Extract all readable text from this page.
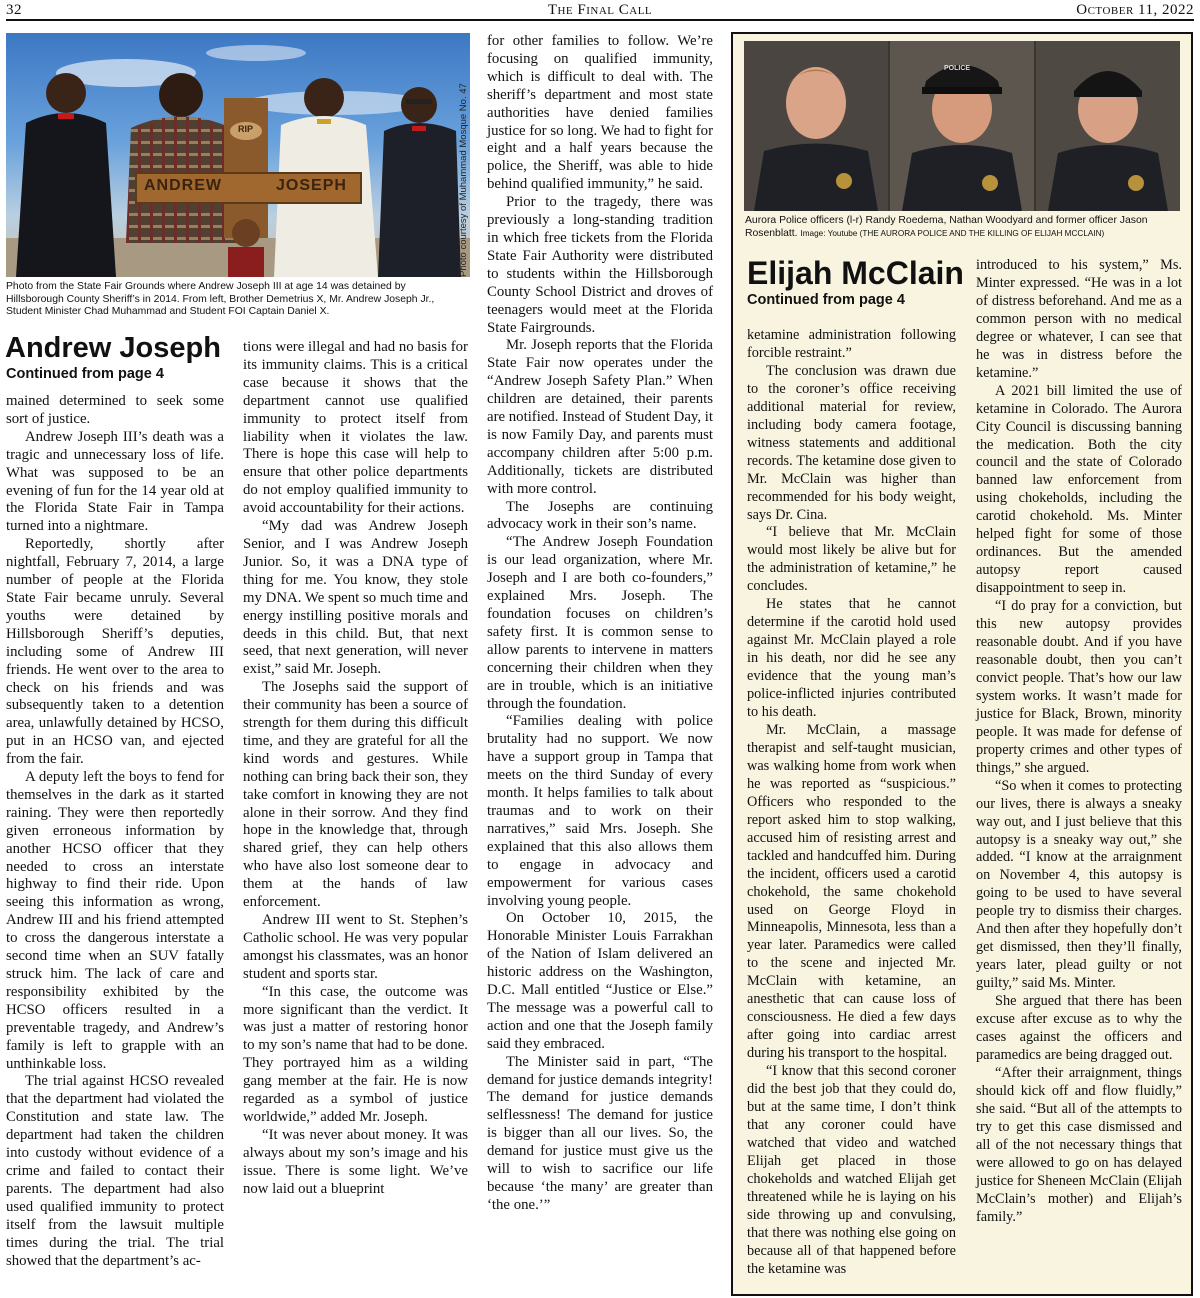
32	The Final Call	October 11, 2022
ANDREW	JOSEPH	Photo courtesy of Muhammad Mosque No. 47
Photo from the State Fair Grounds where Andrew Joseph III at age 14 was detained by Hillsborough County Sheriff’s in 2014. From left, Brother Demetrius X, Mr. Andrew Joseph Jr., Student Minister Chad Muhammad and Student FOI Captain Daniel X.
Andrew Joseph
Continued from page 4

mained determined to seek some sort of justice.

Andrew Joseph III’s death was a tragic and unnecessary loss of life. What was supposed to be an evening of fun for the 14 year old at the Florida State Fair in Tampa turned into a nightmare.

Reportedly, shortly after nightfall, February 7, 2014, a large number of people at the Florida State Fair became unruly. Several youths were detained by Hillsborough Sheriff’s deputies, including some of Andrew III friends. He went over to the area to check on his friends and was subsequently taken to a detention area, unlawfully detained by HCSO, put in an HCSO van, and ejected from the fair.

A deputy left the boys to fend for themselves in the dark as it started raining. They were then reportedly given erroneous information by another HCSO officer that they needed to cross an interstate highway to find their ride. Upon seeing this information as wrong, Andrew III and his friend attempted to cross the dangerous interstate a second time when an SUV fatally struck him. The lack of care and responsibility exhibited by the HCSO officers resulted in a preventable tragedy, and Andrew’s family is left to grapple with an unthinkable loss.

The trial against HCSO revealed that the department had violated the Constitution and state law. The department had taken the children into custody without evidence of a crime and failed to contact their parents. The department had also used qualified immunity to protect itself from the lawsuit multiple times during the trial. The trial showed that the department’s ac-

tions were illegal and had no basis for its immunity claims. This is a critical case because it shows that the department cannot use qualified immunity to protect itself from liability when it violates the law. There is hope this case will help to ensure that other police departments do not employ qualified immunity to avoid accountability for their actions.

“My dad was Andrew Joseph Senior, and I was Andrew Joseph Junior. So, it was a DNA type of thing for me. You know, they stole my DNA. We spent so much time and energy instilling positive morals and deeds in this child. But, that next seed, that next generation, will never exist,” said Mr. Joseph.

The Josephs said the support of their community has been a source of strength for them during this difficult time, and they are grateful for all the kind words and gestures. While nothing can bring back their son, they take comfort in knowing they are not alone in their sorrow. And they find hope in the knowledge that, through shared grief, they can help others who have also lost someone dear to them at the hands of law enforcement.

Andrew III went to St. Stephen’s Catholic school. He was very popular amongst his classmates, was an honor student and sports star.

“In this case, the outcome was more significant than the verdict. It was just a matter of restoring honor to my son’s name that had to be done. They portrayed him as a wilding gang member at the fair. He is now regarded as a symbol of justice worldwide,” added Mr. Joseph.

“It was never about money. It was always about my son’s image and his issue. There is some light. We’ve now laid out a blueprint

for other families to follow. We’re focusing on qualified immunity, which is difficult to deal with. The sheriff’s department and most state authorities have denied families justice for so long. We had to fight for eight and a half years because the police, the Sheriff, was able to hide behind qualified immunity,” he said.

Prior to the tragedy, there was previously a long-standing tradition in which free tickets from the Florida State Fair Authority were distributed to students within the Hillsborough County School District and droves of teenagers would meet at the Florida State Fairgrounds.

Mr. Joseph reports that the Florida State Fair now operates under the “Andrew Joseph Safety Plan.” When children are detained, their parents are notified. Instead of Student Day, it is now Family Day, and parents must accompany children after 5:00 p.m. Additionally, tickets are distributed with more control.

The Josephs are continuing advocacy work in their son’s name.

“The Andrew Joseph Foundation is our lead organization, where Mr. Joseph and I are both co-founders,” explained Mrs. Joseph. The foundation focuses on children’s safety first. It is common sense to allow parents to intervene in matters concerning their children when they are in trouble, which is an initiative through the foundation.

“Families dealing with police brutality had no support. We now have a support group in Tampa that meets on the third Sunday of every month. It helps families to talk about traumas and to work on their narratives,” said Mrs. Joseph. She explained that this also allows them to engage in advocacy and empowerment for various cases involving young people.

On October 10, 2015, the Honorable Minister Louis Farrakhan of the Nation of Islam delivered an historic address on the Washington, D.C. Mall entitled “Justice or Else.” The message was a powerful call to action and one that the Joseph family said they embraced.

The Minister said in part, “The demand for justice demands integrity! The demand for justice demands selflessness! The demand for justice is bigger than all our lives. So, the demand for justice must give us the will to wish to sacrifice our life because ‘the many’ are greater than ‘the one.’”

POLICE
Aurora Police officers (l-r) Randy Roedema, Nathan Woodyard and former officer Jason Rosenblatt. Image: Youtube (THE AURORA POLICE AND THE KILLING OF ELIJAH MCCLAIN)
Elijah McClain
Continued from page 4

ketamine administration following forcible restraint.”

The conclusion was drawn due to the coroner’s office receiving additional material for review, including body camera footage, witness statements and additional records. The ketamine dose given to Mr. McClain was higher than recommended for his body weight, says Dr. Cina.

“I believe that Mr. McClain would most likely be alive but for the administration of ketamine,” he concludes.

He states that he cannot determine if the carotid hold used against Mr. McClain played a role in his death, nor did he see any evidence that the young man’s police-inflicted injuries contributed to his death.

Mr. McClain, a massage therapist and self-taught musician, was walking home from work when he was reported as “suspicious.” Officers who responded to the report asked him to stop walking, accused him of resisting arrest and tackled and handcuffed him. During the incident, officers used a carotid chokehold, the same chokehold used on George Floyd in Minneapolis, Minnesota, less than a year later. Paramedics were called to the scene and injected Mr. McClain with ketamine, an anesthetic that can cause loss of consciousness. He died a few days after going into cardiac arrest during his transport to the hospital.

“I know that this second coroner did the best job that they could do, but at the same time, I don’t think that any coroner could have watched that video and watched Elijah get placed in those chokeholds and watched Elijah get threatened while he is laying on his side throwing up and convulsing, that there was nothing else going on because all of that happened before the ketamine was

introduced to his system,” Ms. Minter expressed. “He was in a lot of distress beforehand. And me as a common person with no medical degree or whatever, I can see that he was in distress before the ketamine.”

A 2021 bill limited the use of ketamine in Colorado. The Aurora City Council is discussing banning the medication. Both the city council and the state of Colorado banned law enforcement from using chokeholds, including the carotid chokehold. Ms. Minter helped fight for some of those ordinances. But the amended autopsy report caused disappointment to seep in.

“I do pray for a conviction, but this new autopsy provides reasonable doubt. And if you have reasonable doubt, then you can’t convict people. That’s how our law system works. It wasn’t made for justice for Black, Brown, minority people. It was made for defense of property crimes and other types of things,” she argued.

“So when it comes to protecting our lives, there is always a sneaky way out, and I just believe that this autopsy is a sneaky way out,” she added. “I know at the arraignment on November 4, this autopsy is going to be used to have several people try to dismiss their charges. And then after they hopefully don’t get dismissed, then they’ll finally, years later, plead guilty or not guilty,” said Ms. Minter.

She argued that there has been excuse after excuse as to why the cases against the officers and paramedics are being dragged out.

“After their arraignment, things should kick off and flow fluidly,” she said. “But all of the attempts to try to get this case dismissed and all of the not necessary things that were allowed to go on has delayed justice for Sheneen McClain (Elijah McClain’s mother) and Elijah’s family.”
